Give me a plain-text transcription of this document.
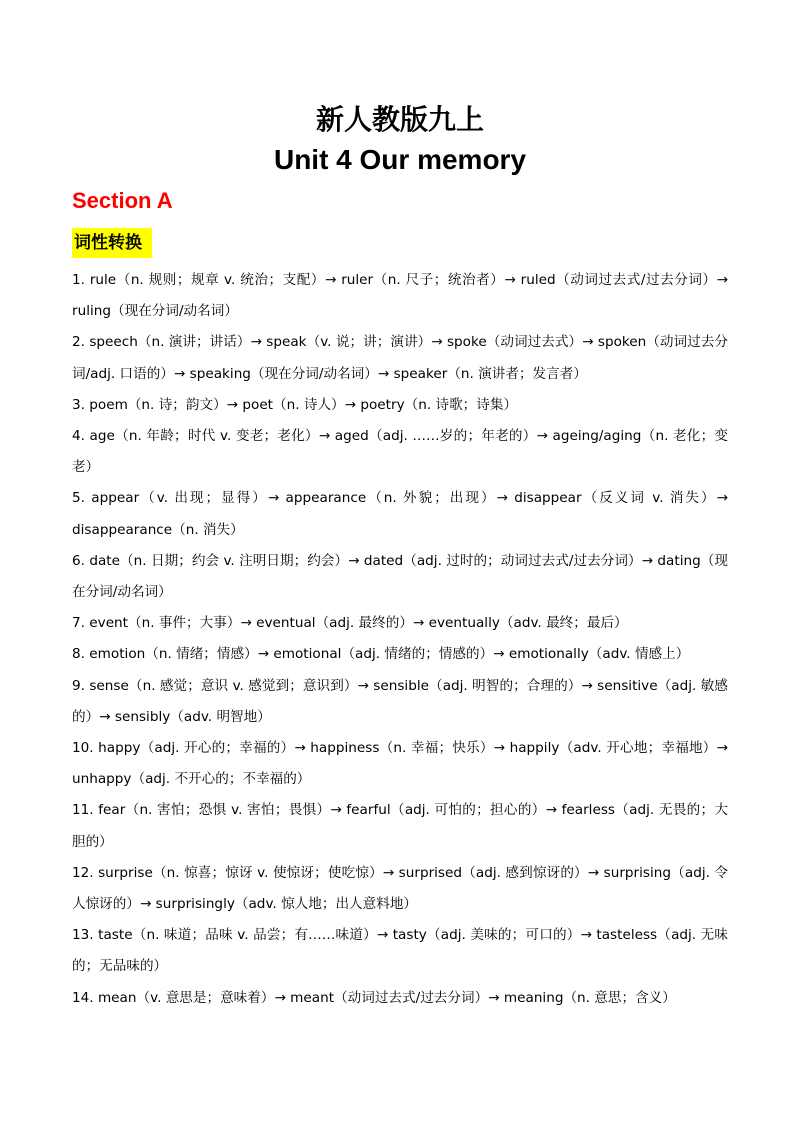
新人教版九上
Unit 4 Our memory
Section A
词性转换
1. rule（n. 规则；规章 v. 统治；支配）→ ruler（n. 尺子；统治者）→ ruled（动词过去式/过去分词）→ ruling（现在分词/动名词）
2. speech（n. 演讲；讲话）→ speak（v. 说；讲；演讲）→ spoke（动词过去式）→ spoken（动词过去分词/adj. 口语的）→ speaking（现在分词/动名词）→ speaker（n. 演讲者；发言者）
3. poem（n. 诗；韵文）→ poet（n. 诗人）→ poetry（n. 诗歌；诗集）
4. age（n. 年龄；时代 v. 变老；老化）→ aged（adj. ……岁的；年老的）→ ageing/aging（n. 老化；变老）
5. appear（v. 出现；显得）→ appearance（n. 外貌；出现）→ disappear（反义词 v. 消失）→ disappearance（n. 消失）
6. date（n. 日期；约会 v. 注明日期；约会）→ dated（adj. 过时的；动词过去式/过去分词）→ dating（现在分词/动名词）
7. event（n. 事件；大事）→ eventual（adj. 最终的）→ eventually（adv. 最终；最后）
8. emotion（n. 情绪；情感）→ emotional（adj. 情绪的；情感的）→ emotionally（adv. 情感上）
9. sense（n. 感觉；意识 v. 感觉到；意识到）→ sensible（adj. 明智的；合理的）→ sensitive（adj. 敏感的）→ sensibly（adv. 明智地）
10. happy（adj. 开心的；幸福的）→ happiness（n. 幸福；快乐）→ happily（adv. 开心地；幸福地）→ unhappy（adj. 不开心的；不幸福的）
11. fear（n. 害怕；恐惧 v. 害怕；畏惧）→ fearful（adj. 可怕的；担心的）→ fearless（adj. 无畏的；大胆的）
12. surprise（n. 惊喜；惊讶 v. 使惊讶；使吃惊）→ surprised（adj. 感到惊讶的）→ surprising（adj. 令人惊讶的）→ surprisingly（adv. 惊人地；出人意料地）
13. taste（n. 味道；品味 v. 品尝；有……味道）→ tasty（adj. 美味的；可口的）→ tasteless（adj. 无味的；无品味的）
14. mean（v. 意思是；意味着）→ meant（动词过去式/过去分词）→ meaning（n. 意思；含义）
